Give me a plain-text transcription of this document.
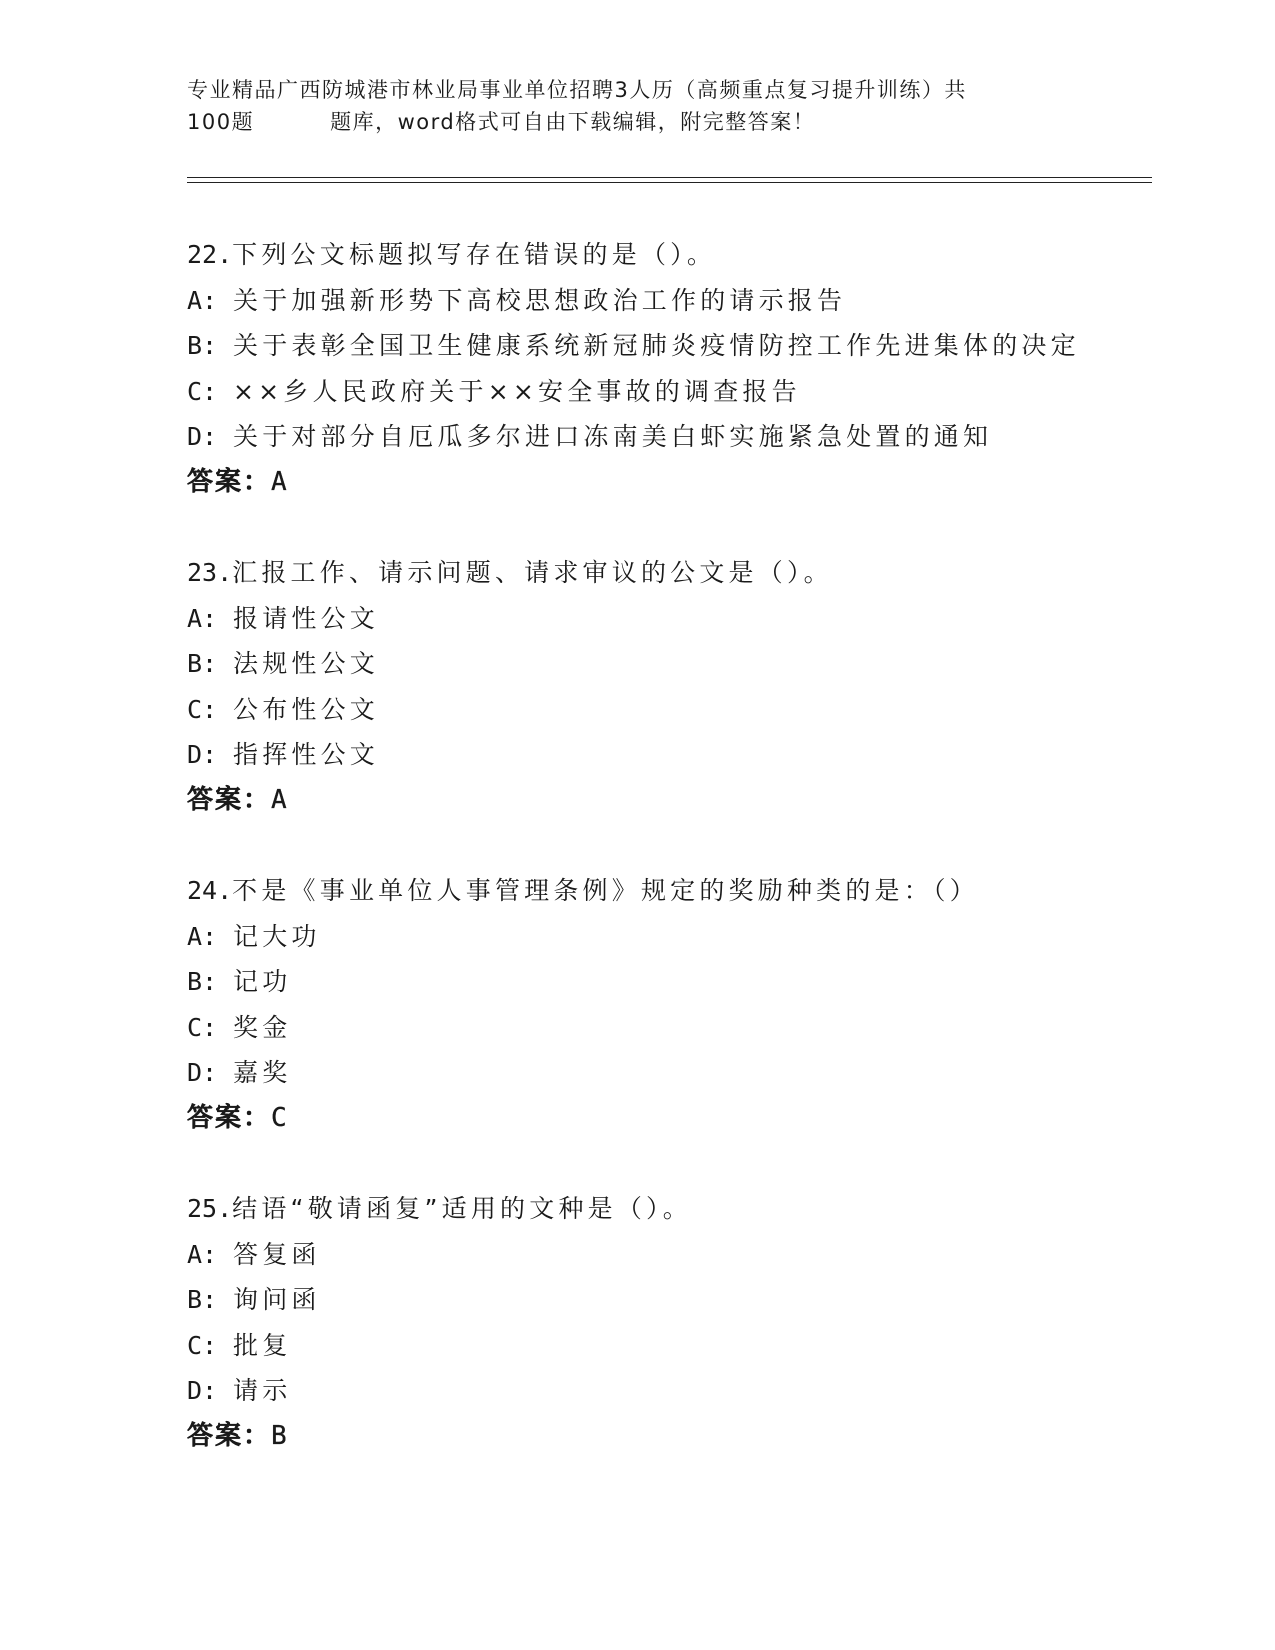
专业精品广西防城港市林业局事业单位招聘3人历（高频重点复习提升训练）共
100题	题库，word格式可自由下载编辑，附完整答案！
22.下列公文标题拟写存在错误的是（）。
A: 关于加强新形势下高校思想政治工作的请示报告
B: 关于表彰全国卫生健康系统新冠肺炎疫情防控工作先进集体的决定
C: ××乡人民政府关于××安全事故的调查报告
D: 关于对部分自厄瓜多尔进口冻南美白虾实施紧急处置的通知
答案：A
23.汇报工作、请示问题、请求审议的公文是（）。
A: 报请性公文
B: 法规性公文
C: 公布性公文
D: 指挥性公文
答案：A
24.不是《事业单位人事管理条例》规定的奖励种类的是：（）
A: 记大功
B: 记功
C: 奖金
D: 嘉奖
答案：C
25.结语“敬请函复”适用的文种是（）。
A: 答复函
B: 询问函
C: 批复
D: 请示
答案：B
